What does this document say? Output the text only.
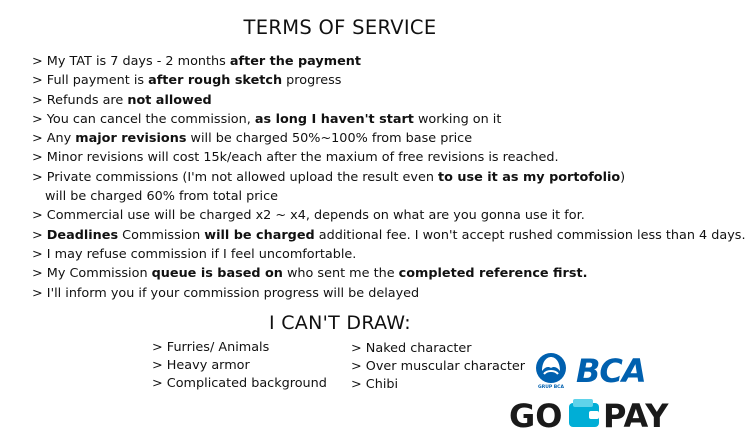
TERMS OF SERVICE
> My TAT is 7 days - 2 months after the payment
> Full payment is after rough sketch progress
> Refunds are not allowed
> You can cancel the commission, as long I haven't start working on it
> Any major revisions will be charged 50%~100% from base price
> Minor revisions will cost 15k/each after the maxium of free revisions is reached.
> Private commissions (I'm not allowed upload the result even to use it as my portofolio)
will be charged 60% from total price
> Commercial use will be charged x2 ~ x4, depends on what are you gonna use it for.
> Deadlines Commission will be charged additional fee. I won't accept rushed commission less than 4 days.
> I may refuse commission if I feel uncomfortable.
> My Commission queue is based on who sent me the completed reference first.
> I'll inform you if your commission progress will be delayed
I CAN'T DRAW:
> Furries/ Animals
> Heavy armor
> Complicated background
> Naked character
> Over muscular character
> Chibi	GRUP BCA BCA
GO PAY
